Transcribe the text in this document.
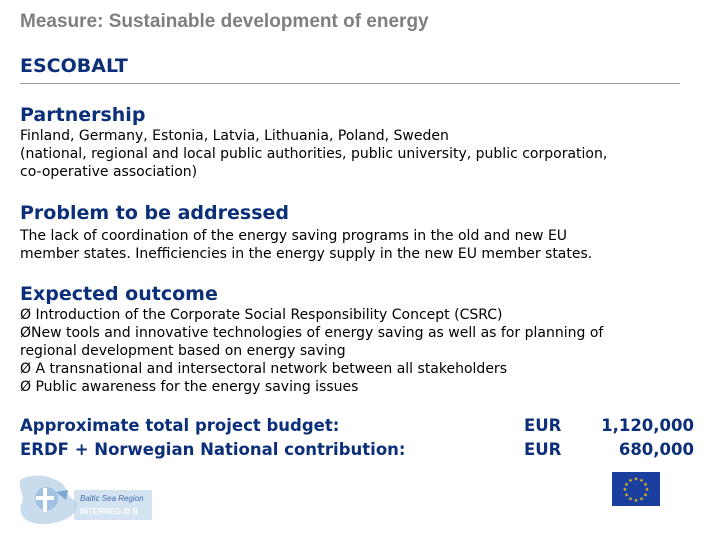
Measure: Sustainable development of energy
ESCOBALT
Partnership
Finland, Germany, Estonia, Latvia, Lithuania, Poland, Sweden
(national, regional and local public authorities, public university, public corporation,
co-operative association)
Problem to be addressed
The lack of coordination of the energy saving programs in the old and new EU
member states. Inefficiencies in the energy supply in the new EU member states.
Expected outcome
Ø Introduction of the Corporate Social Responsibility Concept (CSRC)
ØNew tools and innovative technologies of energy saving as well as for planning of
regional development based on energy saving
Ø A transnational and intersectoral network between all stakeholders
Ø Public awareness for the energy saving issues
Approximate total project budget:
ERDF + Norwegian National contribution:
EUR
EUR
1,120,000
680,000
Baltic Sea Region
INTERREG III B
★ ★
★
★
★
★
★
★
★
★
★
★
